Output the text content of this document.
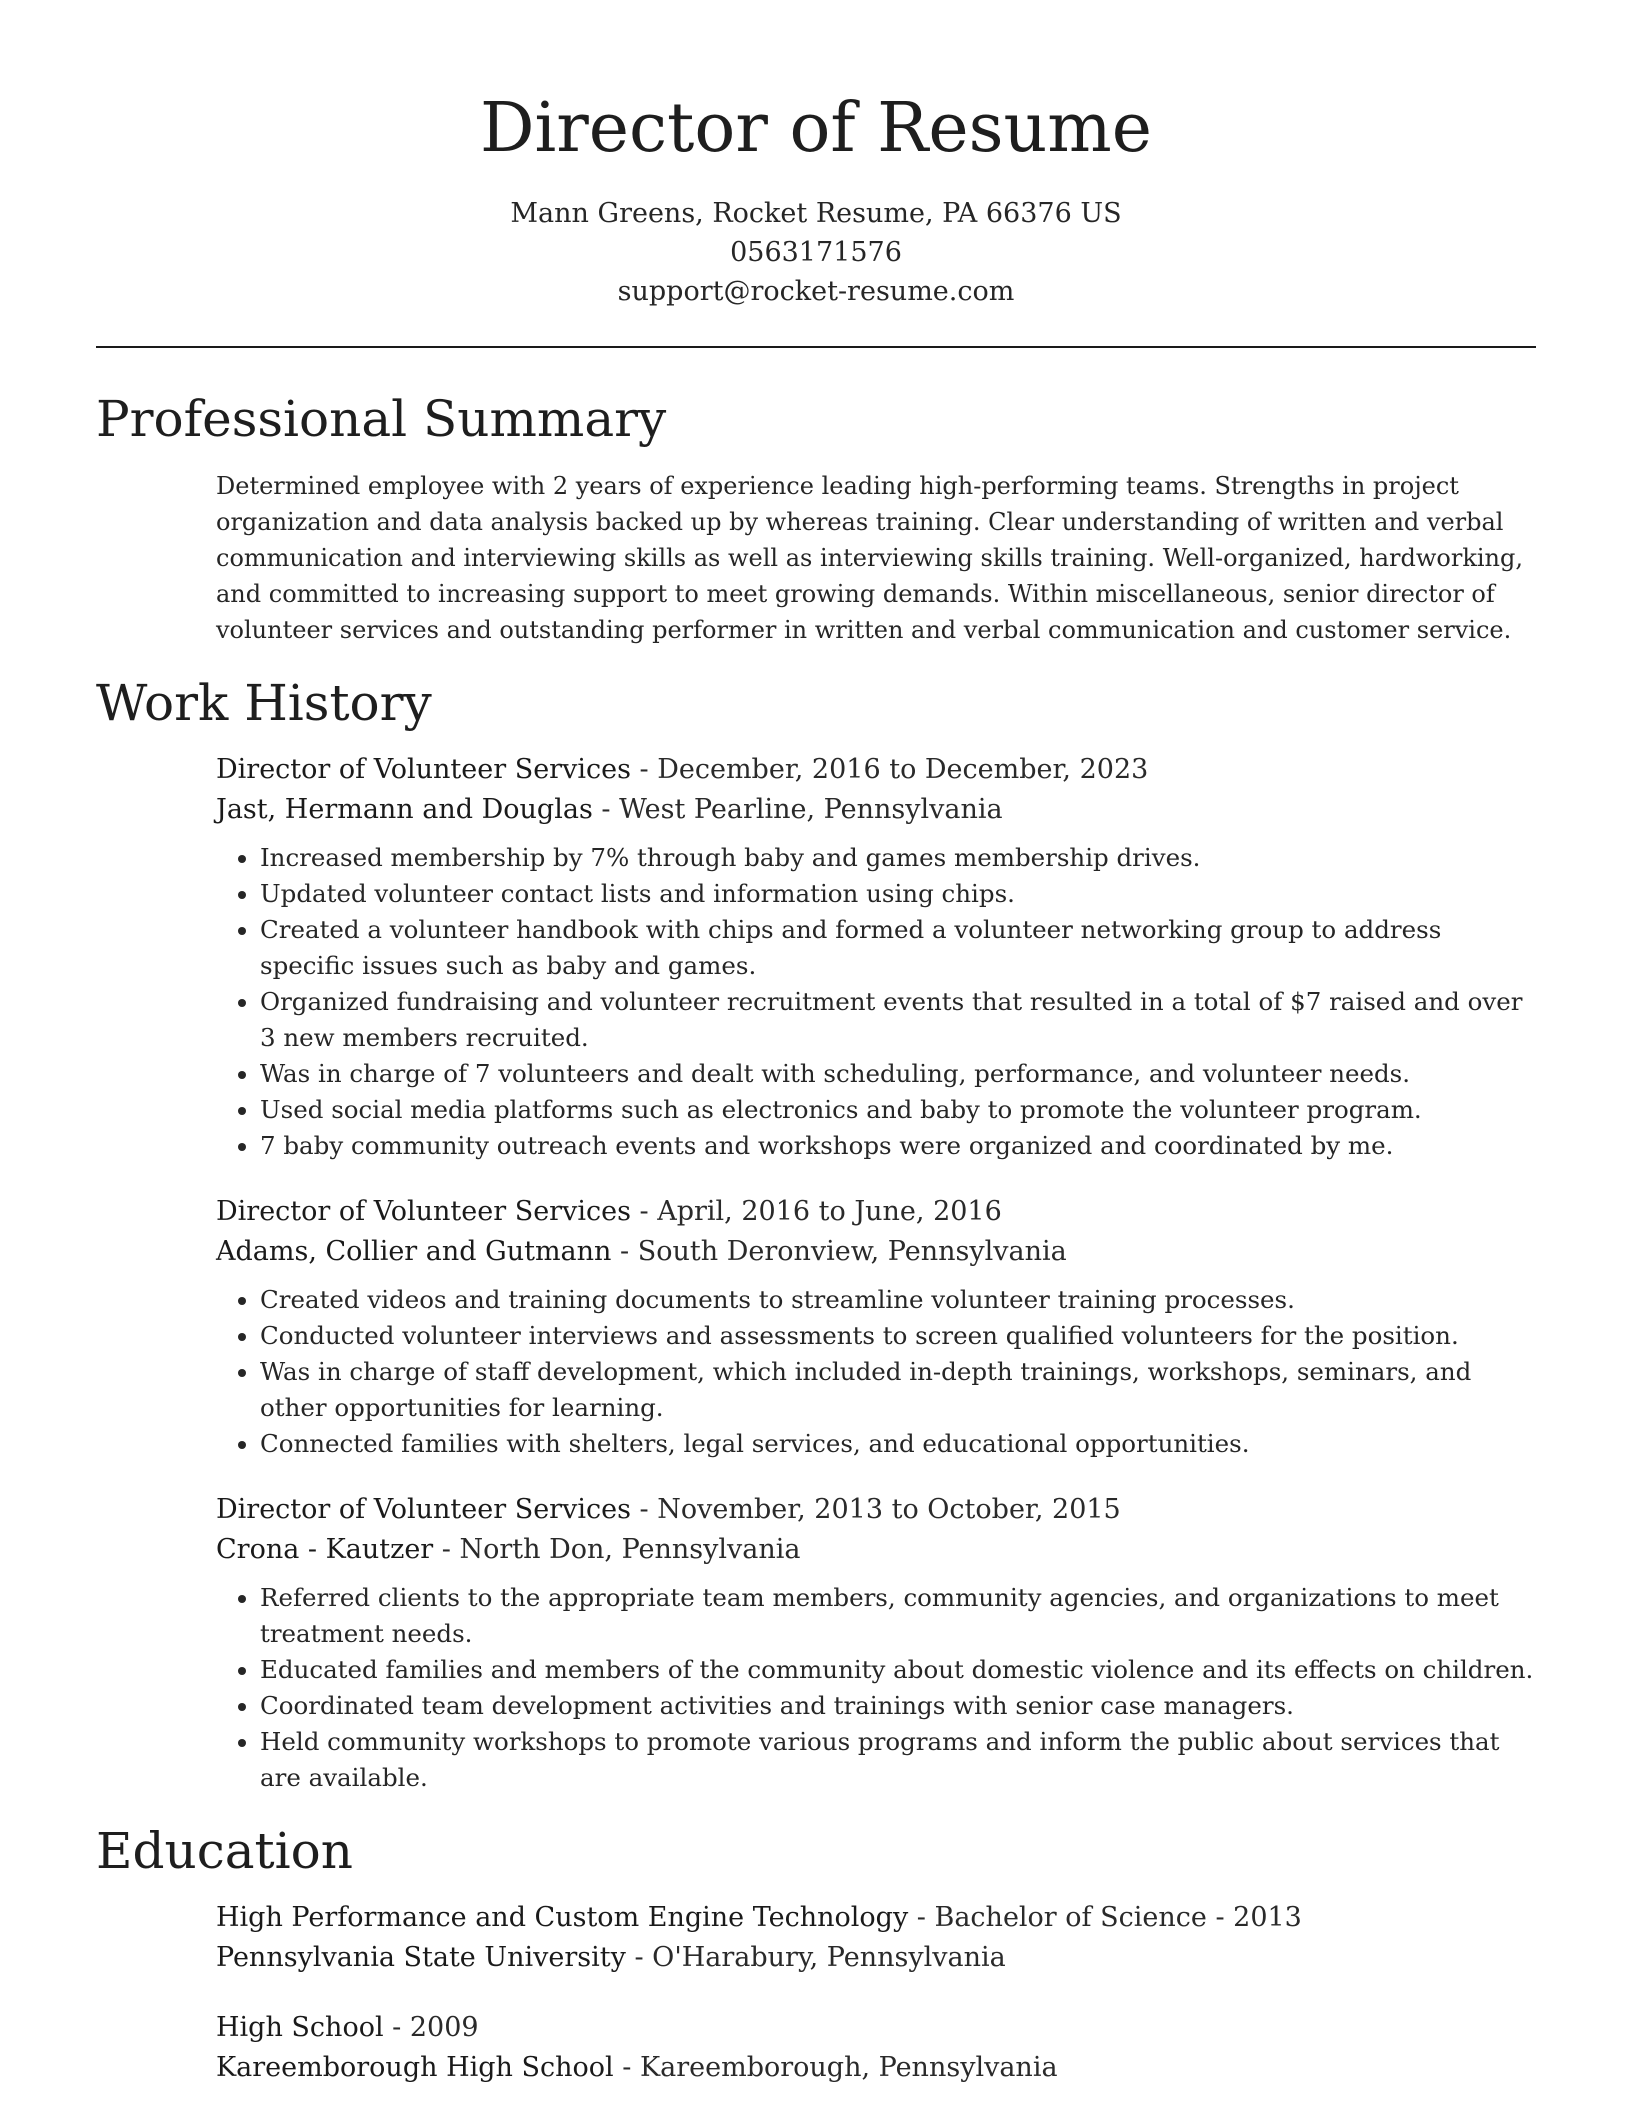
Director of Resume
Mann Greens, Rocket Resume, PA 66376 US
0563171576
support@rocket-resume.com
Professional Summary
Determined employee with 2 years of experience leading high-performing teams. Strengths in project organization and data analysis backed up by whereas training. Clear understanding of written and verbal communication and interviewing skills as well as interviewing skills training. Well-organized, hardworking, and committed to increasing support to meet growing demands. Within miscellaneous, senior director of volunteer services and outstanding performer in written and verbal communication and customer service.
Work History
Director of Volunteer Services - December, 2016 to December, 2023
Jast, Hermann and Douglas - West Pearline, Pennsylvania
• Increased membership by 7% through baby and games membership drives.
• Updated volunteer contact lists and information using chips.
• Created a volunteer handbook with chips and formed a volunteer networking group to address specific issues such as baby and games.
• Organized fundraising and volunteer recruitment events that resulted in a total of $7 raised and over 3 new members recruited.
• Was in charge of 7 volunteers and dealt with scheduling, performance, and volunteer needs.
• Used social media platforms such as electronics and baby to promote the volunteer program.
• 7 baby community outreach events and workshops were organized and coordinated by me.
Director of Volunteer Services - April, 2016 to June, 2016
Adams, Collier and Gutmann - South Deronview, Pennsylvania
• Created videos and training documents to streamline volunteer training processes.
• Conducted volunteer interviews and assessments to screen qualified volunteers for the position.
• Was in charge of staff development, which included in-depth trainings, workshops, seminars, and other opportunities for learning.
• Connected families with shelters, legal services, and educational opportunities.
Director of Volunteer Services - November, 2013 to October, 2015
Crona - Kautzer - North Don, Pennsylvania
• Referred clients to the appropriate team members, community agencies, and organizations to meet treatment needs.
• Educated families and members of the community about domestic violence and its effects on children.
• Coordinated team development activities and trainings with senior case managers.
• Held community workshops to promote various programs and inform the public about services that are available.
Education
High Performance and Custom Engine Technology - Bachelor of Science - 2013
Pennsylvania State University - O'Harabury, Pennsylvania
High School - 2009
Kareemborough High School - Kareemborough, Pennsylvania
